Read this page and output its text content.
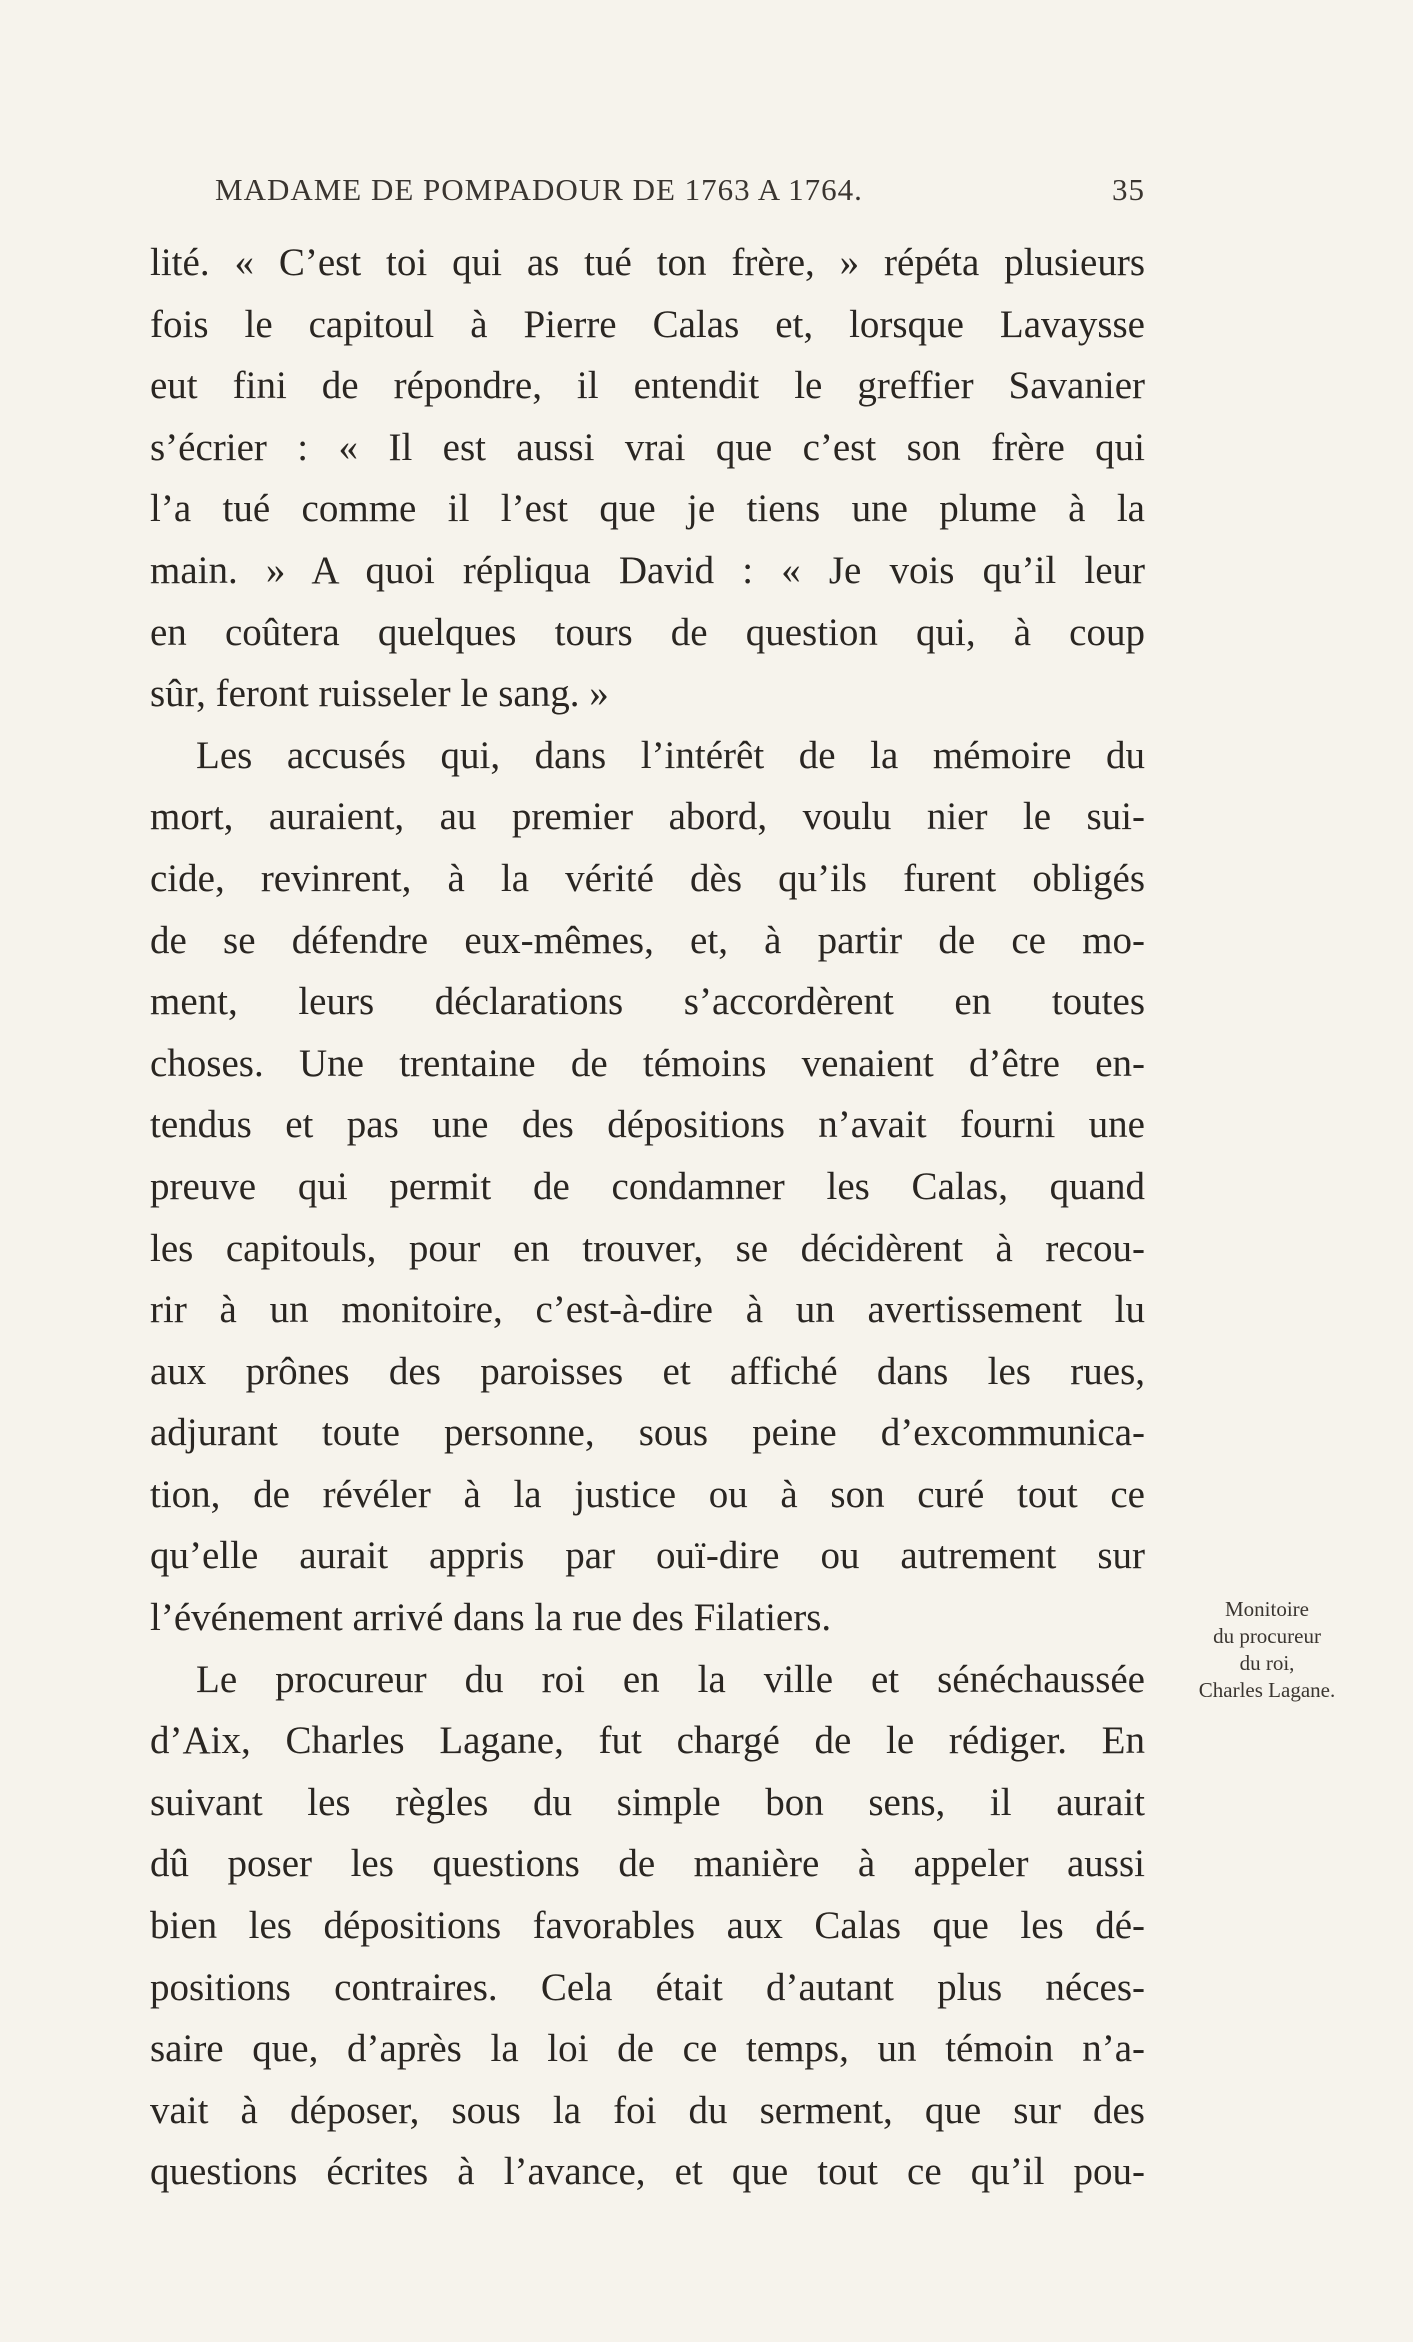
MADAME DE POMPADOUR DE 1763 A 1764.	35
lité. « C’est toi qui as tué ton frère, » répéta plusieurs
fois le capitoul à Pierre Calas et, lorsque Lavaysse
eut fini de répondre, il entendit le greffier Savanier
s’écrier : « Il est aussi vrai que c’est son frère qui
l’a tué comme il l’est que je tiens une plume à la
main. » A quoi répliqua David : « Je vois qu’il leur
en coûtera quelques tours de question qui, à coup
sûr, feront ruisseler le sang. »
Les accusés qui, dans l’intérêt de la mémoire du
mort, auraient, au premier abord, voulu nier le sui-
cide, revinrent, à la vérité dès qu’ils furent obligés
de se défendre eux-mêmes, et, à partir de ce mo-
ment, leurs déclarations s’accordèrent en toutes
choses. Une trentaine de témoins venaient d’être en-
tendus et pas une des dépositions n’avait fourni une
preuve qui permit de condamner les Calas, quand
les capitouls, pour en trouver, se décidèrent à recou-
rir à un monitoire, c’est-à-dire à un avertissement lu
aux prônes des paroisses et affiché dans les rues,
adjurant toute personne, sous peine d’excommunica-
tion, de révéler à la justice ou à son curé tout ce
qu’elle aurait appris par ouï-dire ou autrement sur
l’événement arrivé dans la rue des Filatiers.
Le procureur du roi en la ville et sénéchaussée
d’Aix, Charles Lagane, fut chargé de le rédiger. En
suivant les règles du simple bon sens, il aurait
dû poser les questions de manière à appeler aussi
bien les dépositions favorables aux Calas que les dé-
positions contraires. Cela était d’autant plus néces-
saire que, d’après la loi de ce temps, un témoin n’a-
vait à déposer, sous la foi du serment, que sur des
questions écrites à l’avance, et que tout ce qu’il pou-
Monitoire
du procureur
du roi,
Charles Lagane.
